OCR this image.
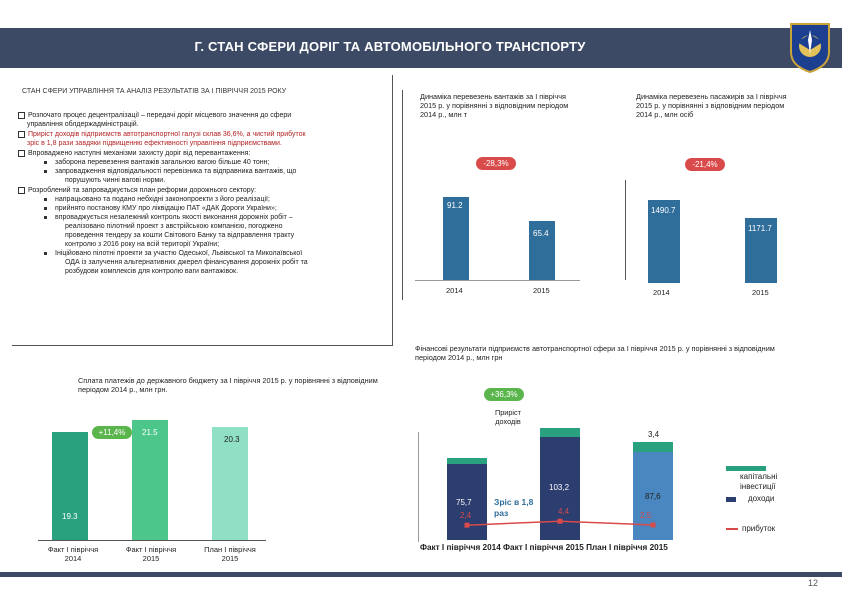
Г. СТАН СФЕРИ ДОРІГ ТА АВТОМОБІЛЬНОГО ТРАНСПОРТУ
СТАН СФЕРИ УПРАВЛІННЯ ТА АНАЛІЗ РЕЗУЛЬТАТІВ ЗА І ПІВРІЧЧЯ 2015 РОКУ
Розпочато процес децентралізації – передачі доріг місцевого значення до сфери
управління облдержадміністрацій.
Приріст доходів підприємств автотранспортної галузі склав 36,6%, а чистий прибуток
зріс в 1,8 рази завдяки підвищенню ефективності управління підприємствами.
Впроваджено наступні механізми захисту доріг від перевантаження:
заборона перевезення вантажів загальною вагою більше 40 тонн;
запровадження відповідальності перевізника та відправника вантажів, що
порушують чинні вагові норми.
Розроблений та запроваджується план реформи дорожнього сектору:
напрацьовано та подано небхідні законопроекти з його реалізації;
прийнято постанову КМУ про ліквідацію ПАТ «ДАК Дороги України»;
впроваджується незалежний контроль якості виконання дорожніх робіт –
реалізовано пілотний проект з австрійською компанією, погоджено
проведення тендеру за кошти Світового Банку та відправлення тракту
контролю з 2016 року на всій території України;
Ініційовано пілотні проекти за участю Одеської, Львівської та Миколаївської
ОДА із залучення альтернативних джерел фінансування дорожніх робіт та
розбудови комплексів для контролю ваги вантажівок.
Динаміка перевезень вантажів за І півріччя 2015 р. у порівнянні з відповідним періодом 2014 р., млн т
-28,3%
91.2
65.4
2014	2015
Динаміка перевезень пасажирів за І півріччя 2015 р. у порівнянні з відповідним періодом 2014 р., млн осіб
-21,4%
1490.7
1171.7
2014	2015
Фінансові результати підприємств автотранспортної сфери за І півріччя 2015 р. у порівнянні з відповідним періодом 2014 р., млн грн
Сплата платежів до державного бюджету за І півріччя 2015 р. у порівнянні з відповідним періодом 2014 р., млн грн.
+11,4%
19.3
21.5
20.3
Факт І півріччя
2014
Факт І півріччя
2015
План І півріччя
2015
+36,3%
Приріст доходів
1,4
2,9
3,4
75,7
103,2
87,6
2,4	4,4	2,5
Зріс в 1,8 раз
капітальні інвестиції
доходи
прибуток
Факт І півріччя 2014 Факт І півріччя 2015 План І півріччя 2015
12
